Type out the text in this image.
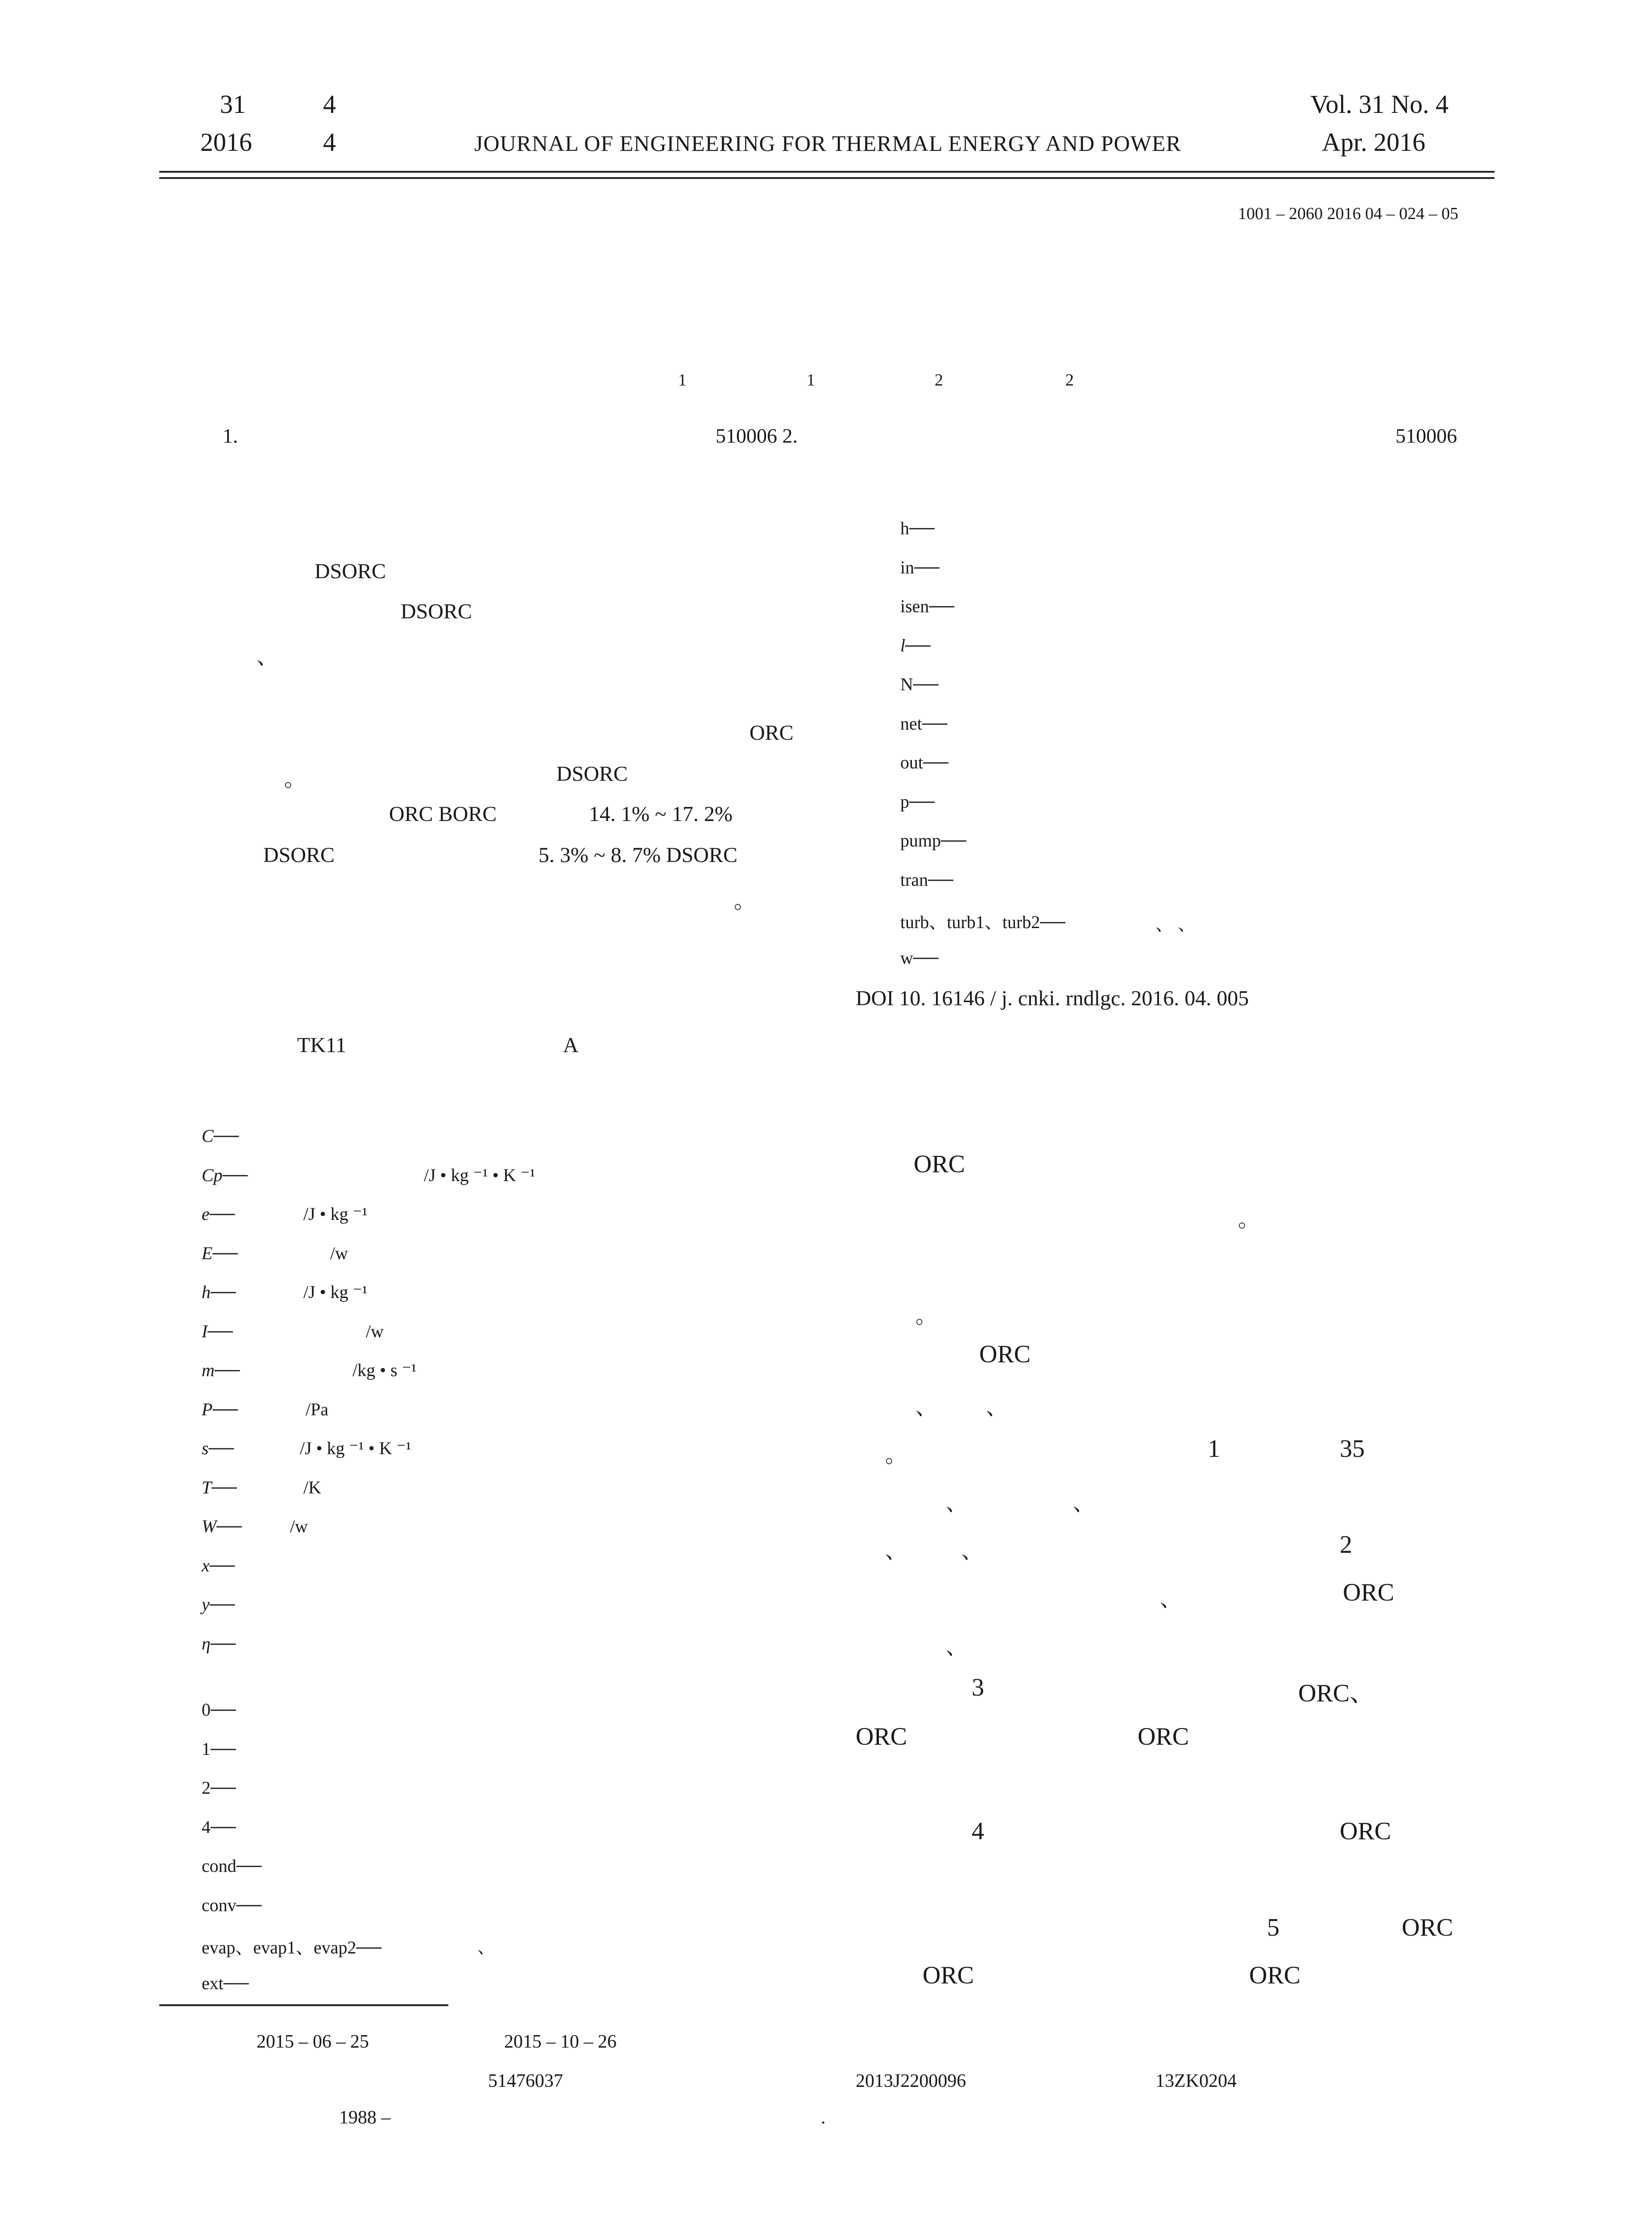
31	4
2016	4	JOURNAL OF ENGINEERING FOR THERMAL ENERGY AND POWER
Vol. 31 No. 4
Apr. 2016
1001 – 2060 2016 04 – 024 – 05
1	1	2	2
1.	510006 2.	510006
DSORC
DSORC
、
ORC
。	DSORC
ORC BORC	14. 1% ~ 17. 2%
DSORC	5. 3% ~ 8. 7% DSORC
。
TK11	A
C──
Cp──	/J • kg ⁻¹ • K ⁻¹
e──	/J • kg ⁻¹
E──	/w
h──	/J • kg ⁻¹
I──	/w
m──	/kg • s ⁻¹
P──	/Pa
s──	/J • kg ⁻¹ • K ⁻¹
T──	/K
W──	/w
x──
y──
η──
0──
1──
2──
4──
cond──
conv──
evap、evap1、evap2──
ext──
、
h──
in──
isen──
l──
N──
net──
out──
p──
pump──
tran──
turb、turb1、turb2──
w──
、 、
DOI 10. 16146 / j. cnki. rndlgc. 2016. 04. 005
ORC
。
。
ORC
、 、
。	1	35
、	、
、	、	2
、	ORC
、
3	ORC、
ORC	ORC
4	ORC
5	ORC
ORC	ORC
2015 – 06 – 25	2015 – 10 – 26
51476037	2013J2200096	13ZK0204
1988 –	.
